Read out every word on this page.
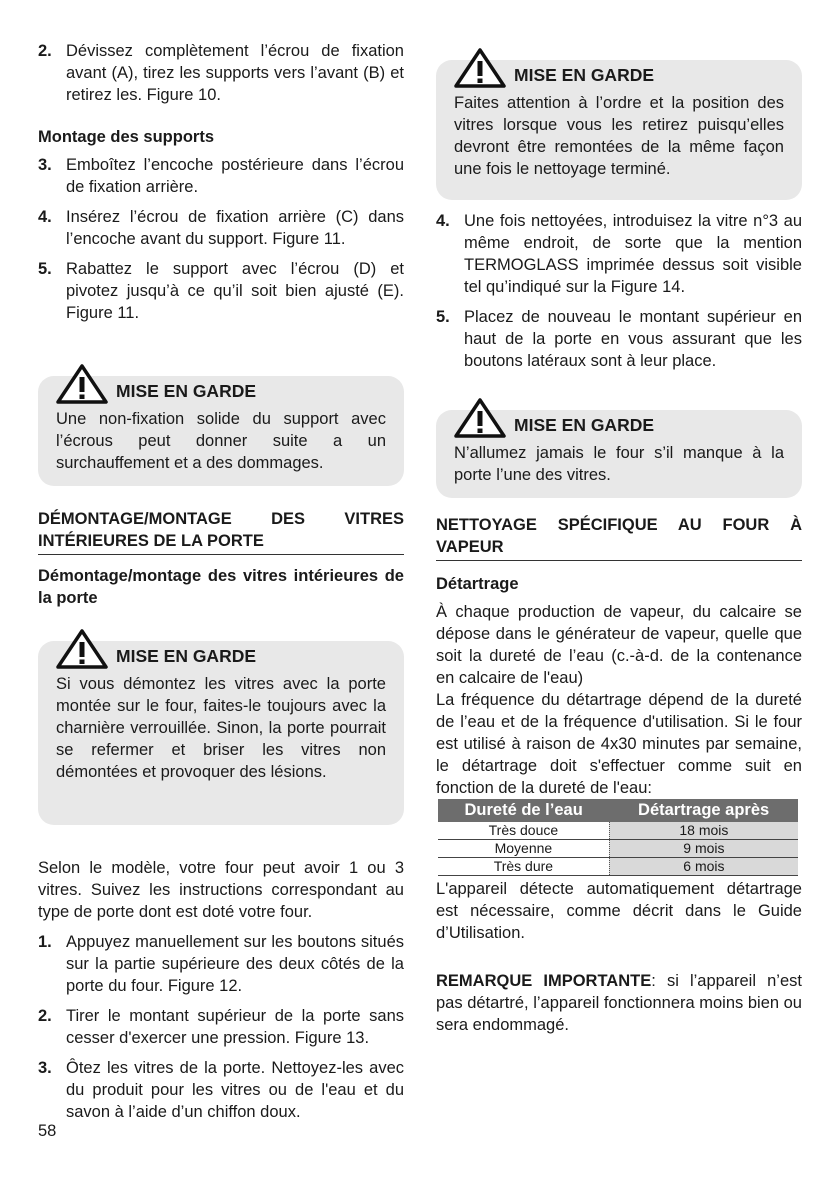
2. Dévissez complètement l’écrou de fixation avant (A), tirez les supports vers l’avant (B) et retirez les. Figure 10.
Montage des supports
3. Emboîtez l’encoche postérieure dans l’écrou de fixation arrière.
4. Insérez l’écrou de fixation arrière (C) dans l’encoche avant du support. Figure 11.
5. Rabattez le support avec l’écrou (D) et pivotez jusqu’à ce qu’il soit bien ajusté (E). Figure 11.
MISE EN GARDE

Une non-fixation solide du support avec l’écrous peut donner suite a un surchauffement et a des dommages.

DÉMONTAGE/MONTAGE DES VITRES INTÉRIEURES DE LA PORTE
Démontage/montage des vitres intérieures de la porte
MISE EN GARDE

Si vous démontez les vitres avec la porte montée sur le four, faites-le toujours avec la charnière verrouillée. Sinon, la porte pourrait se refermer et briser les vitres non démontées et provoquer des lésions.

Selon le modèle, votre four peut avoir 1 ou 3 vitres. Suivez les instructions correspondant au type de porte dont est doté votre four.

1. Appuyez manuellement sur les boutons situés sur la partie supérieure des deux côtés de la porte du four. Figure 12.
2. Tirer le montant supérieur de la porte sans cesser d'exercer une pression. Figure 13.
3. Ôtez les vitres de la porte. Nettoyez-les avec du produit pour les vitres ou de l'eau et du savon à l’aide d’un chiffon doux.
MISE EN GARDE

Faites attention à l’ordre et la position des vitres lorsque vous les retirez puisqu’elles devront être remontées de la même façon une fois le nettoyage terminé.

4. Une fois nettoyées, introduisez la vitre n°3 au même endroit, de sorte que la mention TERMOGLASS imprimée dessus soit visible tel qu’indiqué sur la Figure 14.
5. Placez de nouveau le montant supérieur en haut de la porte en vous assurant que les boutons latéraux sont à leur place.
MISE EN GARDE

N’allumez jamais le four s’il manque à la porte l’une des vitres.

NETTOYAGE SPÉCIFIQUE AU FOUR À VAPEUR
Détartrage

À chaque production de vapeur, du calcaire se dépose dans le générateur de vapeur, quelle que soit la dureté de l’eau (c.-à-d. de la contenance en calcaire de l'eau)

La fréquence du détartrage dépend de la dureté de l’eau et de la fréquence d'utilisation. Si le four est utilisé à raison de 4x30 minutes par semaine, le détartrage doit s'effectuer comme suit en fonction de la dureté de l'eau:

Dureté de l’eau	Détartrage après
Très douce	18 mois
Moyenne	9 mois
Très dure	6 mois

L'appareil détecte automatiquement détartrage est nécessaire, comme décrit dans le Guide d’Utilisation.

REMARQUE IMPORTANTE: si l’appareil n’est pas détartré, l’appareil fonctionnera moins bien ou sera endommagé.

58
